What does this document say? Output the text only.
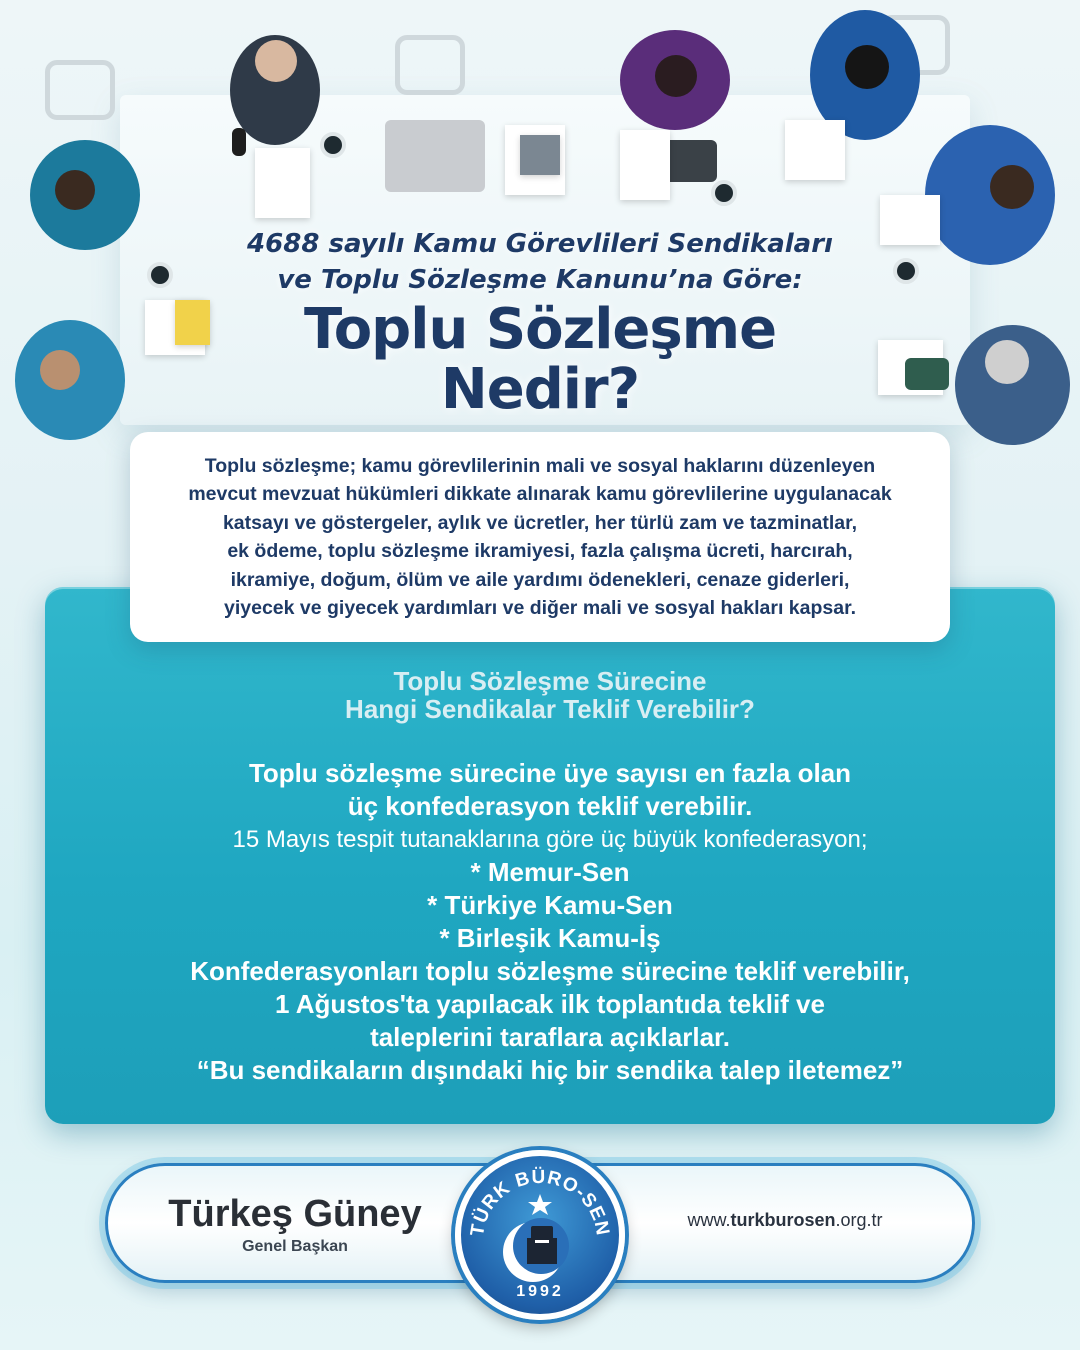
4688 sayılı Kamu Görevlileri Sendikaları
ve Toplu Sözleşme Kanunu’na Göre:
Toplu Sözleşme
Nedir?
Toplu Sözleşme Sürecine
Hangi Sendikalar Teklif Verebilir?
Toplu sözleşme sürecine üye sayısı en fazla olan
üç konfederasyon teklif verebilir.
15 Mayıs tespit tutanaklarına göre üç büyük konfederasyon;
* Memur-Sen
* Türkiye Kamu-Sen
* Birleşik Kamu-İş
Konfederasyonları toplu sözleşme sürecine teklif verebilir,
1 Ağustos'ta yapılacak ilk toplantıda teklif ve
taleplerini taraflara açıklarlar.
“Bu sendikaların dışındaki hiç bir sendika talep iletemez”
Toplu sözleşme; kamu görevlilerinin mali ve sosyal haklarını düzenleyen
mevcut mevzuat hükümleri dikkate alınarak kamu görevlilerine uygulanacak
katsayı ve göstergeler, aylık ve ücretler, her türlü zam ve tazminatlar,
ek ödeme, toplu sözleşme ikramiyesi, fazla çalışma ücreti, harcırah,
ikramiye, doğum, ölüm ve aile yardımı ödenekleri, cenaze giderleri,
yiyecek ve giyecek yardımları ve diğer mali ve sosyal hakları kapsar.
Türkeş Güney
Genel Başkan
www.turkburosen.org.tr
TÜRK BÜRO-SEN
1992
